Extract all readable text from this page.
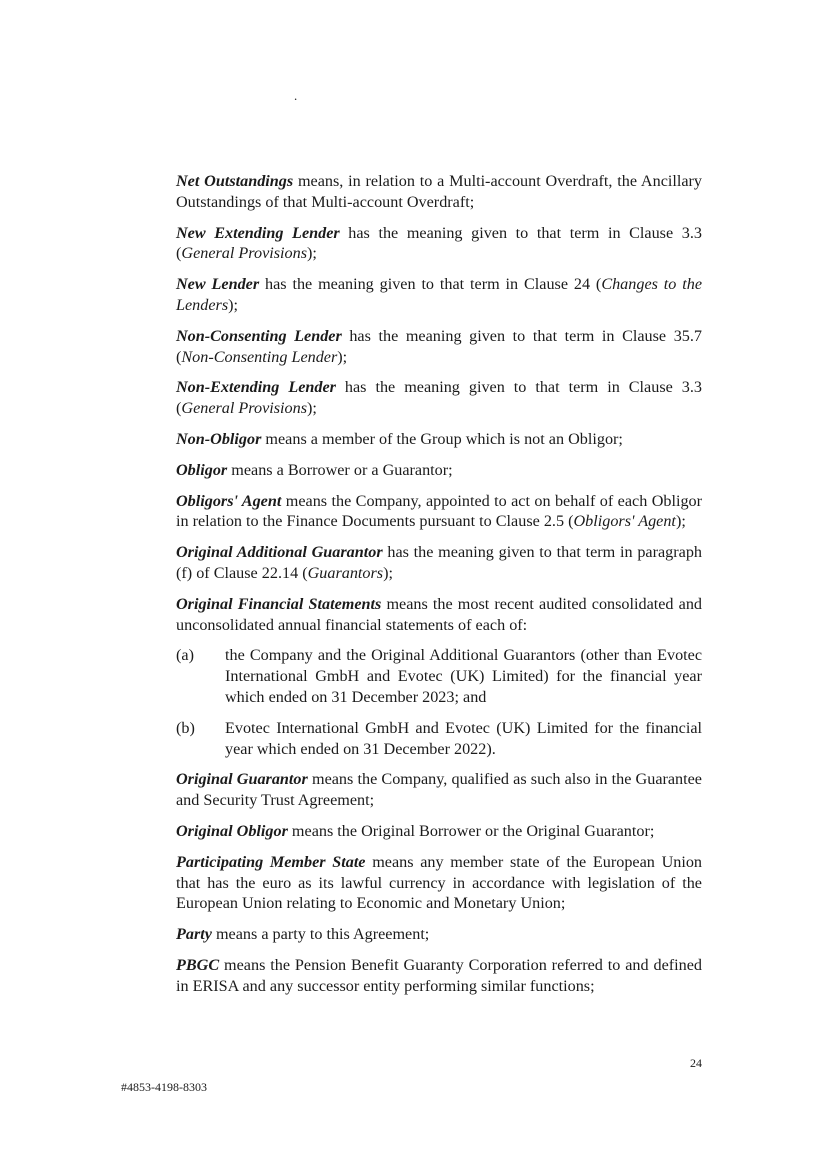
.
Net Outstandings means, in relation to a Multi-account Overdraft, the Ancillary Outstandings of that Multi-account Overdraft;
New Extending Lender has the meaning given to that term in Clause 3.3 (General Provisions);
New Lender has the meaning given to that term in Clause 24 (Changes to the Lenders);
Non-Consenting Lender has the meaning given to that term in Clause 35.7 (Non-Consenting Lender);
Non-Extending Lender has the meaning given to that term in Clause 3.3 (General Provisions);
Non-Obligor means a member of the Group which is not an Obligor;
Obligor means a Borrower or a Guarantor;
Obligors' Agent means the Company, appointed to act on behalf of each Obligor in relation to the Finance Documents pursuant to Clause 2.5 (Obligors' Agent);
Original Additional Guarantor has the meaning given to that term in paragraph (f) of Clause 22.14 (Guarantors);
Original Financial Statements means the most recent audited consolidated and unconsolidated annual financial statements of each of:
(a) the Company and the Original Additional Guarantors (other than Evotec International GmbH and Evotec (UK) Limited) for the financial year which ended on 31 December 2023; and
(b) Evotec International GmbH and Evotec (UK) Limited for the financial year which ended on 31 December 2022).
Original Guarantor means the Company, qualified as such also in the Guarantee and Security Trust Agreement;
Original Obligor means the Original Borrower or the Original Guarantor;
Participating Member State means any member state of the European Union that has the euro as its lawful currency in accordance with legislation of the European Union relating to Economic and Monetary Union;
Party means a party to this Agreement;
PBGC means the Pension Benefit Guaranty Corporation referred to and defined in ERISA and any successor entity performing similar functions;
24
#4853-4198-8303
